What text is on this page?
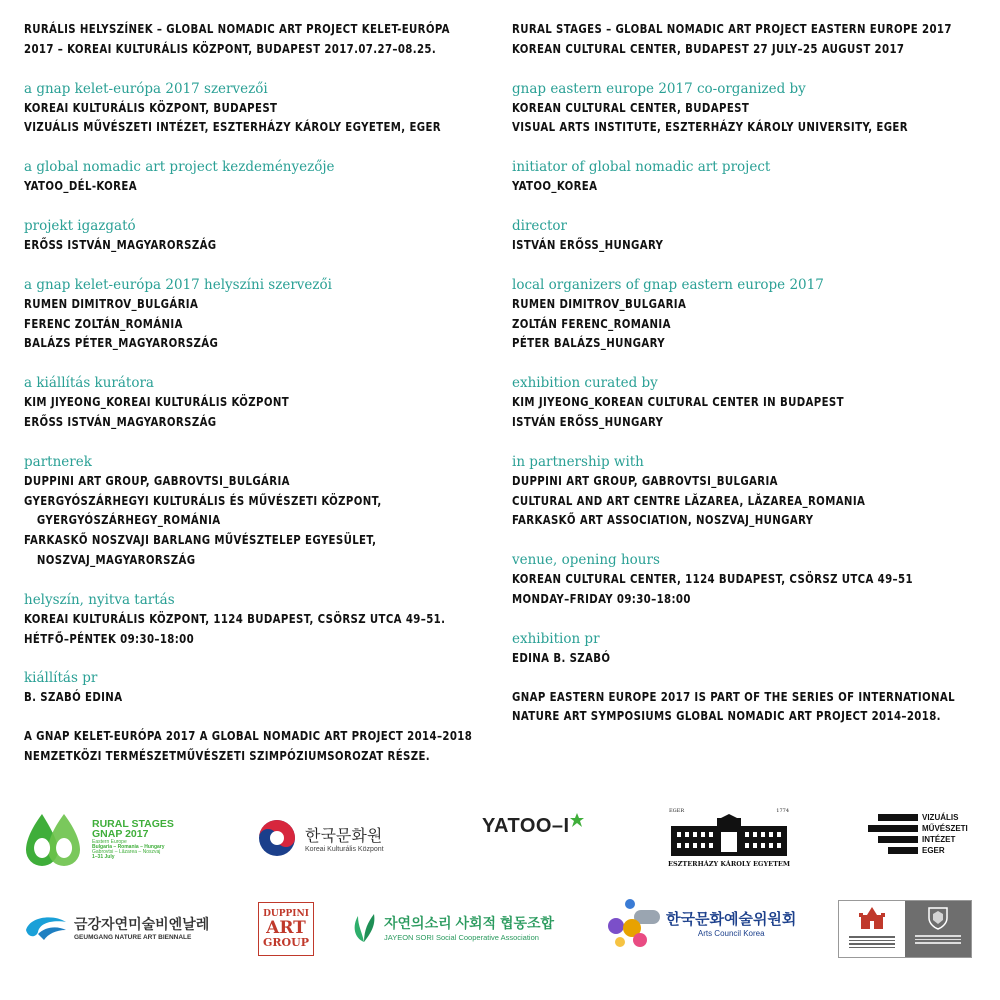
RURÁLIS HELYSZÍNEK – GLOBAL NOMADIC ART PROJECT KELET-EURÓPA
2017 – KOREAI KULTURÁLIS KÖZPONT, BUDAPEST 2017.07.27–08.25.
a gnap kelet-európa 2017 szervezői
KOREAI KULTURÁLIS KÖZPONT, BUDAPEST
VIZUÁLIS MŰVÉSZETI INTÉZET, ESZTERHÁZY KÁROLY EGYETEM, EGER
a global nomadic art project kezdeményezője
YATOO_DÉL-KOREA
projekt igazgató
ERŐSS ISTVÁN_MAGYARORSZÁG
a gnap kelet-európa 2017 helyszíni szervezői
RUMEN DIMITROV_BULGÁRIA
FERENC ZOLTÁN_ROMÁNIA
BALÁZS PÉTER_MAGYARORSZÁG
a kiállítás kurátora
KIM JIYEONG_KOREAI KULTURÁLIS KÖZPONT
ERŐSS ISTVÁN_MAGYARORSZÁG
partnerek
DUPPINI ART GROUP, GABROVTSI_BULGÁRIA
GYERGYÓSZÁRHEGYI KULTURÁLIS ÉS MŰVÉSZETI KÖZPONT,
GYERGYÓSZÁRHEGY_ROMÁNIA
FARKASKŐ NOSZVAJI BARLANG MŰVÉSZTELEP EGYESÜLET,
NOSZVAJ_MAGYARORSZÁG
helyszín, nyitva tartás
KOREAI KULTURÁLIS KÖZPONT, 1124 BUDAPEST, CSÖRSZ UTCA 49–51.
HÉTFŐ–PÉNTEK 09:30–18:00
kiállítás pr
B. SZABÓ EDINA
A GNAP KELET-EURÓPA 2017 A GLOBAL NOMADIC ART PROJECT 2014–2018
NEMZETKÖZI TERMÉSZETMŰVÉSZETI SZIMPÓZIUMSOROZAT RÉSZE.
RURAL STAGES – GLOBAL NOMADIC ART PROJECT EASTERN EUROPE 2017
KOREAN CULTURAL CENTER, BUDAPEST 27 JULY–25 AUGUST 2017
gnap eastern europe 2017 co-organized by
KOREAN CULTURAL CENTER, BUDAPEST
VISUAL ARTS INSTITUTE, ESZTERHÁZY KÁROLY UNIVERSITY, EGER
initiator of global nomadic art project
YATOO_KOREA
director
ISTVÁN ERŐSS_HUNGARY
local organizers of gnap eastern europe 2017
RUMEN DIMITROV_BULGARIA
ZOLTÁN FERENC_ROMANIA
PÉTER BALÁZS_HUNGARY
exhibition curated by
KIM JIYEONG_KOREAN CULTURAL CENTER IN BUDAPEST
ISTVÁN ERŐSS_HUNGARY
in partnership with
DUPPINI ART GROUP, GABROVTSI_BULGARIA
CULTURAL AND ART CENTRE LĂZAREA, LĂZAREA_ROMANIA
FARKASKŐ ART ASSOCIATION, NOSZVAJ_HUNGARY
venue, opening hours
KOREAN CULTURAL CENTER, 1124 BUDAPEST, CSÖRSZ UTCA 49–51
MONDAY–FRIDAY 09:30–18:00
exhibition pr
EDINA B. SZABÓ
GNAP EASTERN EUROPE 2017 IS PART OF THE SERIES OF INTERNATIONAL
NATURE ART SYMPOSIUMS GLOBAL NOMADIC ART PROJECT 2014–2018.
RURAL STAGES
GNAP 2017
Eastern Europe
Bulgaria – Romania – Hungary
Gabrovtsi – Lăzarea – Noszvaj
1–31 July
한국문화원
Koreai Kulturális Központ
YATOO–I
EGER	1774
ESZTERHÁZY KÁROLY EGYETEM
VIZUÁLIS
MŰVÉSZETI
INTÉZET
EGER
금강자연미술비엔날레
GEUMGANG NATURE ART BIENNALE
DUPPINI
ART
GROUP
자연의소리 사회적 협동조합
JAYEON SORI Social Cooperative Association
한국문화예술위원회
Arts Council Korea
